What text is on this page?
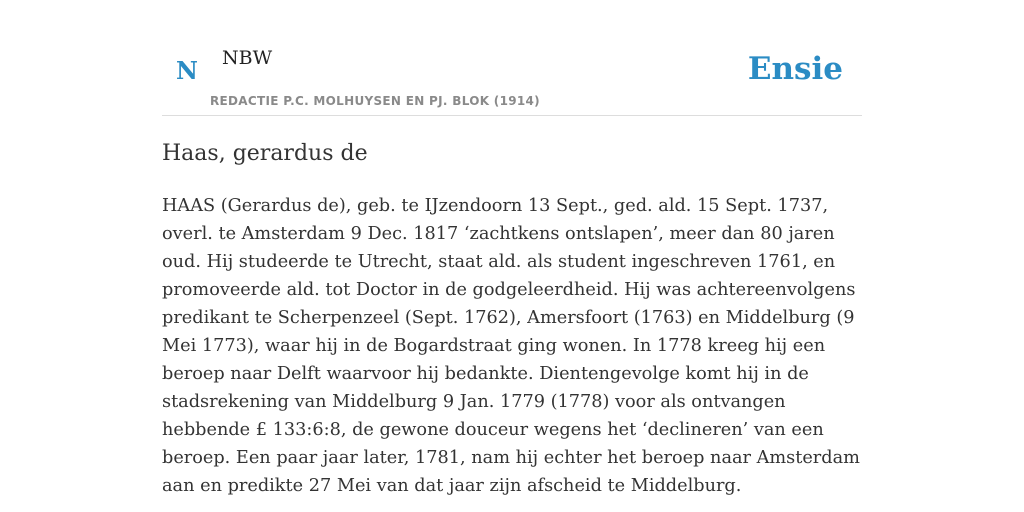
N NBW
REDACTIE P.C. MOLHUYSEN EN PJ. BLOK (1914)
Ensie
Haas, gerardus de

HAAS (Gerardus de), geb. te IJzendoorn 13 Sept., ged. ald. 15 Sept. 1737, overl. te Amsterdam 9 Dec. 1817 ‘zachtkens ontslapen’, meer dan 80 jaren oud. Hij studeerde te Utrecht, staat ald. als student ingeschreven 1761, en promoveerde ald. tot Doctor in de godgeleerdheid. Hij was achtereenvolgens predikant te Scherpenzeel (Sept. 1762), Amersfoort (1763) en Middelburg (9 Mei 1773), waar hij in de Bogardstraat ging wonen. In 1778 kreeg hij een beroep naar Delft waarvoor hij bedankte. Dientengevolge komt hij in de stadsrekening van Middelburg 9 Jan. 1779 (1778) voor als ontvangen hebbende £ 133:6:8, de gewone douceur wegens het ‘declineren’ van een beroep. Een paar jaar later, 1781, nam hij echter het beroep naar Amsterdam aan en predikte 27 Mei van dat jaar zijn afscheid te Middelburg.
